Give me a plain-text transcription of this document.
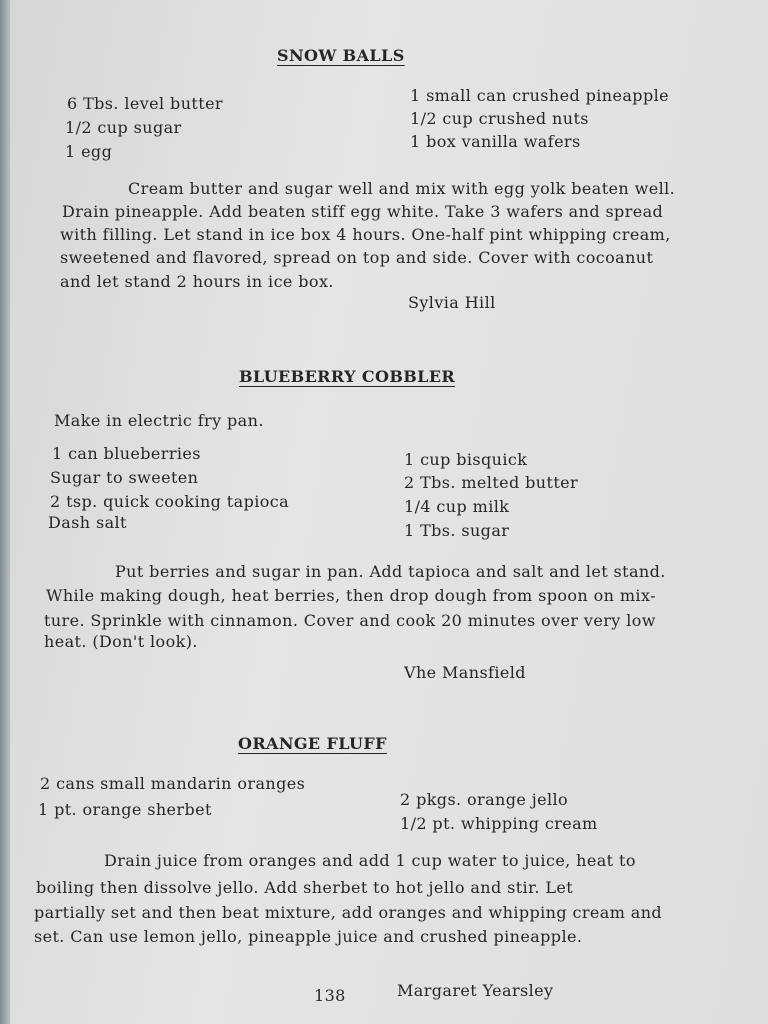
SNOW BALLS
6 Tbs. level butter
1/2 cup sugar
1 egg
1 small can crushed pineapple
1/2 cup crushed nuts
1 box vanilla wafers
Cream butter and sugar well and mix with egg yolk beaten well.
Drain pineapple. Add beaten stiff egg white. Take 3 wafers and spread
with filling. Let stand in ice box 4 hours. One-half pint whipping cream,
sweetened and flavored, spread on top and side. Cover with cocoanut
and let stand 2 hours in ice box.
Sylvia Hill
BLUEBERRY COBBLER
Make in electric fry pan.
1 can blueberries
Sugar to sweeten
2 tsp. quick cooking tapioca
Dash salt
1 cup bisquick
2 Tbs. melted butter
1/4 cup milk
1 Tbs. sugar
Put berries and sugar in pan. Add tapioca and salt and let stand.
While making dough, heat berries, then drop dough from spoon on mix-
ture. Sprinkle with cinnamon. Cover and cook 20 minutes over very low
heat. (Don't look).
Vhe Mansfield
ORANGE FLUFF
2 cans small mandarin oranges
1 pt. orange sherbet
2 pkgs. orange jello
1/2 pt. whipping cream
Drain juice from oranges and add 1 cup water to juice, heat to
boiling then dissolve jello. Add sherbet to hot jello and stir. Let
partially set and then beat mixture, add oranges and whipping cream and
set. Can use lemon jello, pineapple juice and crushed pineapple.
138	Margaret Yearsley
